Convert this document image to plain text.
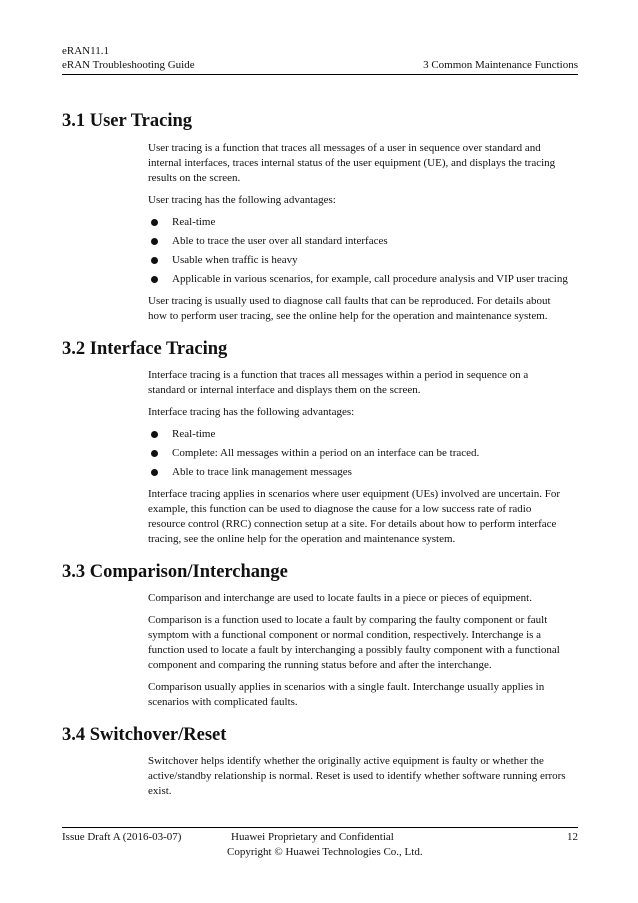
eRAN11.1
eRAN Troubleshooting Guide	3 Common Maintenance Functions
3.1 User Tracing

User tracing is a function that traces all messages of a user in sequence over standard and internal interfaces, traces internal status of the user equipment (UE), and displays the tracing results on the screen.

User tracing has the following advantages:

Real-time
Able to trace the user over all standard interfaces
Usable when traffic is heavy
Applicable in various scenarios, for example, call procedure analysis and VIP user tracing

User tracing is usually used to diagnose call faults that can be reproduced. For details about how to perform user tracing, see the online help for the operation and maintenance system.

3.2 Interface Tracing

Interface tracing is a function that traces all messages within a period in sequence on a standard or internal interface and displays them on the screen.

Interface tracing has the following advantages:

Real-time
Complete: All messages within a period on an interface can be traced.
Able to trace link management messages

Interface tracing applies in scenarios where user equipment (UEs) involved are uncertain. For example, this function can be used to diagnose the cause for a low success rate of radio resource control (RRC) connection setup at a site. For details about how to perform interface tracing, see the online help for the operation and maintenance system.

3.3 Comparison/Interchange

Comparison and interchange are used to locate faults in a piece or pieces of equipment.

Comparison is a function used to locate a fault by comparing the faulty component or fault symptom with a functional component or normal condition, respectively. Interchange is a function used to locate a fault by interchanging a possibly faulty component with a functional component and comparing the running status before and after the interchange.

Comparison usually applies in scenarios with a single fault. Interchange usually applies in scenarios with complicated faults.

3.4 Switchover/Reset

Switchover helps identify whether the originally active equipment is faulty or whether the active/standby relationship is normal. Reset is used to identify whether software running errors exist.

Issue Draft A (2016-03-07)	Huawei Proprietary and Confidential
Copyright © Huawei Technologies Co., Ltd.
12
